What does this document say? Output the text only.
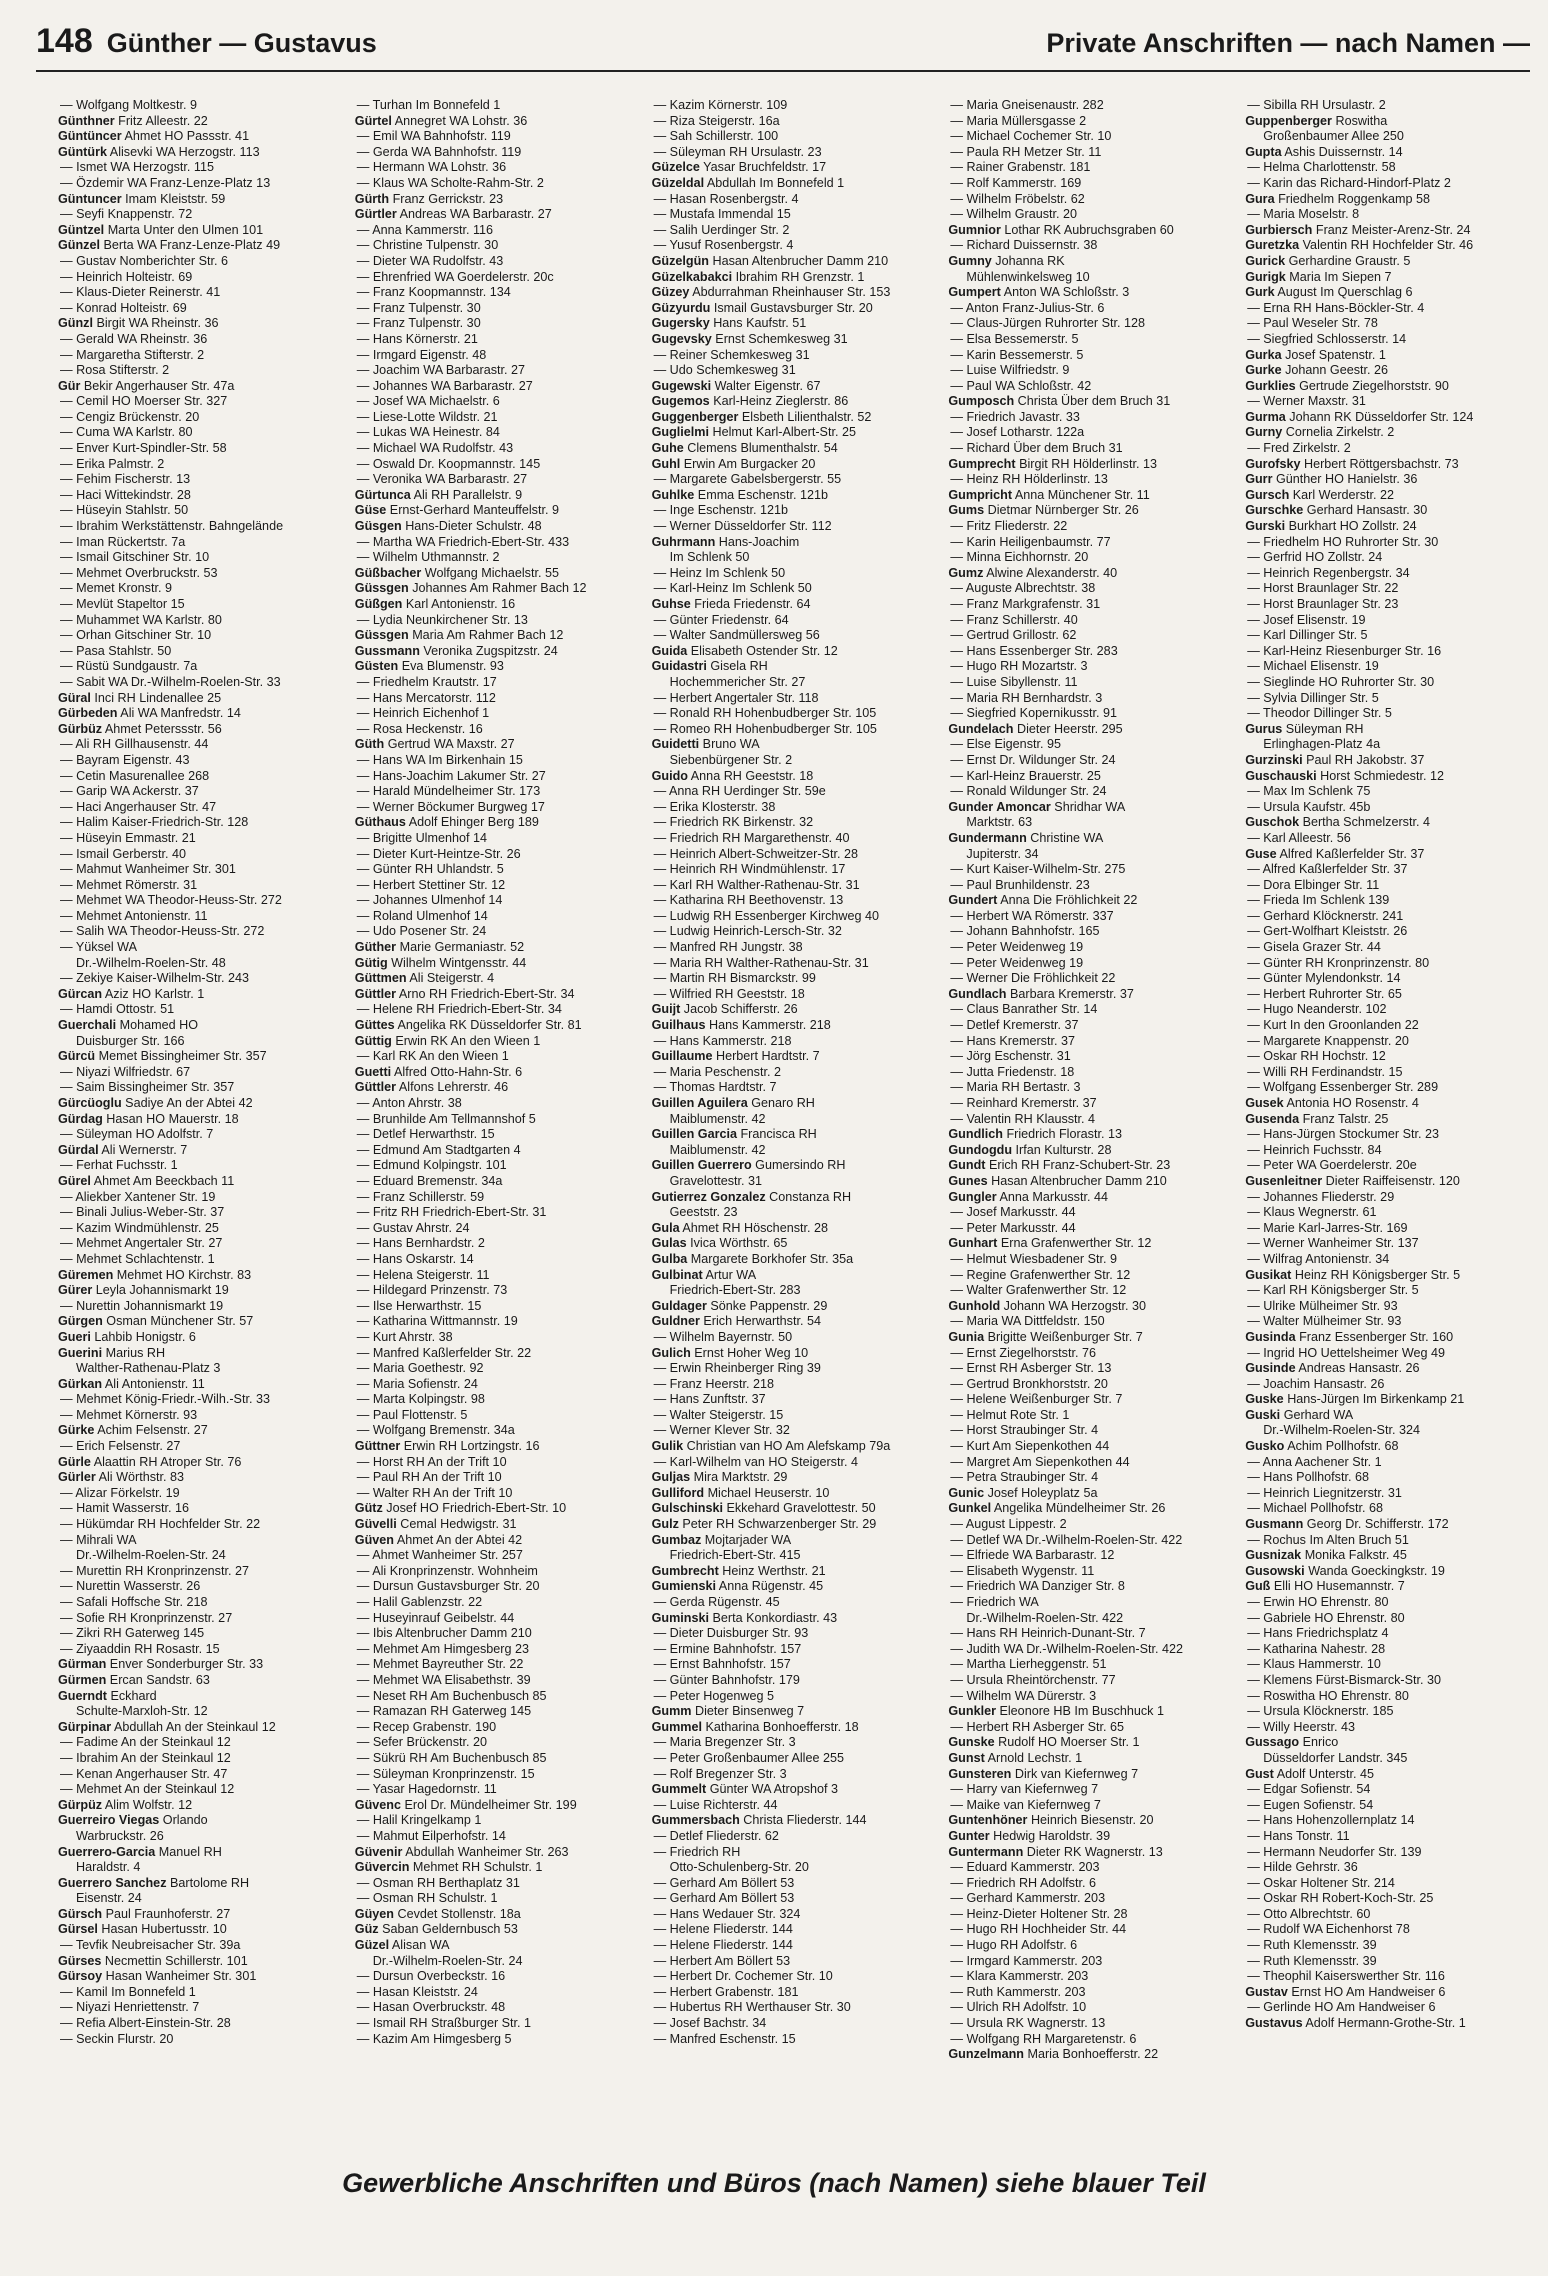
148 Günther — Gustavus	Private Anschriften — nach Namen —
— Wolfgang Moltkestr. 9
Günthner Fritz Alleestr. 22
Güntüncer Ahmet HO Passstr. 41
Güntürk Alisevki WA Herzogstr. 113
— Ismet WA Herzogstr. 115
— Özdemir WA Franz-Lenze-Platz 13
Güntuncer Imam Kleiststr. 59
— Seyfi Knappenstr. 72
Güntzel Marta Unter den Ulmen 101
Günzel Berta WA Franz-Lenze-Platz 49
— Gustav Nomberichter Str. 6
— Heinrich Holteistr. 69
— Klaus-Dieter Reinerstr. 41
— Konrad Holteistr. 69
Günzl Birgit WA Rheinstr. 36
— Gerald WA Rheinstr. 36
— Margaretha Stifterstr. 2
— Rosa Stifterstr. 2
Gür Bekir Angerhauser Str. 47a
— Cemil HO Moerser Str. 327
— Cengiz Brückenstr. 20
— Cuma WA Karlstr. 80
— Enver Kurt-Spindler-Str. 58
— Erika Palmstr. 2
— Fehim Fischerstr. 13
— Haci Wittekindstr. 28
— Hüseyin Stahlstr. 50
— Ibrahim Werkstättenstr. Bahngelände
— Iman Rückertstr. 7a
— Ismail Gitschiner Str. 10
— Mehmet Overbruckstr. 53
— Memet Kronstr. 9
— Mevlüt Stapeltor 15
— Muhammet WA Karlstr. 80
— Orhan Gitschiner Str. 10
— Pasa Stahlstr. 50
— Rüstü Sundgaustr. 7a
— Sabit WA Dr.-Wilhelm-Roelen-Str. 33
Güral Inci RH Lindenallee 25
Gürbeden Ali WA Manfredstr. 14
Gürbüz Ahmet Peterssstr. 56
— Ali RH Gillhausenstr. 44
— Bayram Eigenstr. 43
— Cetin Masurenallee 268
— Garip WA Ackerstr. 37
— Haci Angerhauser Str. 47
— Halim Kaiser-Friedrich-Str. 128
— Hüseyin Emmastr. 21
— Ismail Gerberstr. 40
— Mahmut Wanheimer Str. 301
— Mehmet Römerstr. 31
— Mehmet WA Theodor-Heuss-Str. 272
— Mehmet Antonienstr. 11
— Salih WA Theodor-Heuss-Str. 272
— Yüksel WA
Dr.-Wilhelm-Roelen-Str. 48
— Zekiye Kaiser-Wilhelm-Str. 243
Gürcan Aziz HO Karlstr. 1
— Hamdi Ottostr. 51
Guerchali Mohamed HO
Duisburger Str. 166
Gürcü Memet Bissingheimer Str. 357
— Niyazi Wilfriedstr. 67
— Saim Bissingheimer Str. 357
Gürcüoglu Sadiye An der Abtei 42
Gürdag Hasan HO Mauerstr. 18
— Süleyman HO Adolfstr. 7
Gürdal Ali Wernerstr. 7
— Ferhat Fuchsstr. 1
Gürel Ahmet Am Beeckbach 11
— Aliekber Xantener Str. 19
— Binali Julius-Weber-Str. 37
— Kazim Windmühlenstr. 25
— Mehmet Angertaler Str. 27
— Mehmet Schlachtenstr. 1
Güremen Mehmet HO Kirchstr. 83
Gürer Leyla Johannismarkt 19
— Nurettin Johannismarkt 19
Gürgen Osman Münchener Str. 57
Gueri Lahbib Honigstr. 6
Guerini Marius RH
Walther-Rathenau-Platz 3
Gürkan Ali Antonienstr. 11
— Mehmet König-Friedr.-Wilh.-Str. 33
— Mehmet Körnerstr. 93
Gürke Achim Felsenstr. 27
— Erich Felsenstr. 27
Gürle Alaattin RH Atroper Str. 76
Gürler Ali Wörthstr. 83
— Alizar Förkelstr. 19
— Hamit Wasserstr. 16
— Hükümdar RH Hochfelder Str. 22
— Mihrali WA
Dr.-Wilhelm-Roelen-Str. 24
— Murettin RH Kronprinzenstr. 27
— Nurettin Wasserstr. 26
— Safali Hoffsche Str. 218
— Sofie RH Kronprinzenstr. 27
— Zikri RH Gaterweg 145
— Ziyaaddin RH Rosastr. 15
Gürman Enver Sonderburger Str. 33
Gürmen Ercan Sandstr. 63
Guerndt Eckhard
Schulte-Marxloh-Str. 12
Gürpinar Abdullah An der Steinkaul 12
— Fadime An der Steinkaul 12
— Ibrahim An der Steinkaul 12
— Kenan Angerhauser Str. 47
— Mehmet An der Steinkaul 12
Gürpüz Alim Wolfstr. 12
Guerreiro Viegas Orlando
Warbruckstr. 26
Guerrero-Garcia Manuel RH
Haraldstr. 4
Guerrero Sanchez Bartolome RH
Eisenstr. 24
Gürsch Paul Fraunhoferstr. 27
Gürsel Hasan Hubertusstr. 10
— Tevfik Neubreisacher Str. 39a
Gürses Necmettin Schillerstr. 101
Gürsoy Hasan Wanheimer Str. 301
— Kamil Im Bonnefeld 1
— Niyazi Henriettenstr. 7
— Refia Albert-Einstein-Str. 28
— Seckin Flurstr. 20
— Turhan Im Bonnefeld 1
Gürtel Annegret WA Lohstr. 36
— Emil WA Bahnhofstr. 119
— Gerda WA Bahnhofstr. 119
— Hermann WA Lohstr. 36
— Klaus WA Scholte-Rahm-Str. 2
Gürth Franz Gerrickstr. 23
Gürtler Andreas WA Barbarastr. 27
— Anna Kammerstr. 116
— Christine Tulpenstr. 30
— Dieter WA Rudolfstr. 43
— Ehrenfried WA Goerdelerstr. 20c
— Franz Koopmannstr. 134
— Franz Tulpenstr. 30
— Franz Tulpenstr. 30
— Hans Körnerstr. 21
— Irmgard Eigenstr. 48
— Joachim WA Barbarastr. 27
— Johannes WA Barbarastr. 27
— Josef WA Michaelstr. 6
— Liese-Lotte Wildstr. 21
— Lukas WA Heinestr. 84
— Michael WA Rudolfstr. 43
— Oswald Dr. Koopmannstr. 145
— Veronika WA Barbarastr. 27
Gürtunca Ali RH Parallelstr. 9
Güse Ernst-Gerhard Manteuffelstr. 9
Güsgen Hans-Dieter Schulstr. 48
— Martha WA Friedrich-Ebert-Str. 433
— Wilhelm Uthmannstr. 2
Güßbacher Wolfgang Michaelstr. 55
Güssgen Johannes Am Rahmer Bach 12
Güßgen Karl Antonienstr. 16
— Lydia Neunkirchener Str. 13
Güssgen Maria Am Rahmer Bach 12
Gussmann Veronika Zugspitzstr. 24
Güsten Eva Blumenstr. 93
— Friedhelm Krautstr. 17
— Hans Mercatorstr. 112
— Heinrich Eichenhof 1
— Rosa Heckenstr. 16
Güth Gertrud WA Maxstr. 27
— Hans WA Im Birkenhain 15
— Hans-Joachim Lakumer Str. 27
— Harald Mündelheimer Str. 173
— Werner Böckumer Burgweg 17
Güthaus Adolf Ehinger Berg 189
— Brigitte Ulmenhof 14
— Dieter Kurt-Heintze-Str. 26
— Günter RH Uhlandstr. 5
— Herbert Stettiner Str. 12
— Johannes Ulmenhof 14
— Roland Ulmenhof 14
— Udo Posener Str. 24
Güther Marie Germaniastr. 52
Gütig Wilhelm Wintgensstr. 44
Güttmen Ali Steigerstr. 4
Güttler Arno RH Friedrich-Ebert-Str. 34
— Helene RH Friedrich-Ebert-Str. 34
Güttes Angelika RK Düsseldorfer Str. 81
Güttig Erwin RK An den Wieen 1
— Karl RK An den Wieen 1
Guetti Alfred Otto-Hahn-Str. 6
Güttler Alfons Lehrerstr. 46
— Anton Ahrstr. 38
— Brunhilde Am Tellmannshof 5
— Detlef Herwarthstr. 15
— Edmund Am Stadtgarten 4
— Edmund Kolpingstr. 101
— Eduard Bremenstr. 34a
— Franz Schillerstr. 59
— Fritz RH Friedrich-Ebert-Str. 31
— Gustav Ahrstr. 24
— Hans Bernhardstr. 2
— Hans Oskarstr. 14
— Helena Steigerstr. 11
— Hildegard Prinzenstr. 73
— Ilse Herwarthstr. 15
— Katharina Wittmannstr. 19
— Kurt Ahrstr. 38
— Manfred Kaßlerfelder Str. 22
— Maria Goethestr. 92
— Maria Sofienstr. 24
— Marta Kolpingstr. 98
— Paul Flottenstr. 5
— Wolfgang Bremenstr. 34a
Güttner Erwin RH Lortzingstr. 16
— Horst RH An der Trift 10
— Paul RH An der Trift 10
— Walter RH An der Trift 10
Gütz Josef HO Friedrich-Ebert-Str. 10
Güvelli Cemal Hedwigstr. 31
Güven Ahmet An der Abtei 42
— Ahmet Wanheimer Str. 257
— Ali Kronprinzenstr. Wohnheim
— Dursun Gustavsburger Str. 20
— Halil Gablenzstr. 22
— Huseyinrauf Geibelstr. 44
— Ibis Altenbrucher Damm 210
— Mehmet Am Himgesberg 23
— Mehmet Bayreuther Str. 22
— Mehmet WA Elisabethstr. 39
— Neset RH Am Buchenbusch 85
— Ramazan RH Gaterweg 145
— Recep Grabenstr. 190
— Sefer Brückenstr. 20
— Sükrü RH Am Buchenbusch 85
— Süleyman Kronprinzenstr. 15
— Yasar Hagedornstr. 11
Güvenc Erol Dr. Mündelheimer Str. 199
— Halil Kringelkamp 1
— Mahmut Eilperhofstr. 14
Güvenir Abdullah Wanheimer Str. 263
Güvercin Mehmet RH Schulstr. 1
— Osman RH Berthaplatz 31
— Osman RH Schulstr. 1
Güyen Cevdet Stollenstr. 18a
Güz Saban Geldernbusch 53
Güzel Alisan WA
Dr.-Wilhelm-Roelen-Str. 24
— Dursun Overbeckstr. 16
— Hasan Kleiststr. 24
— Hasan Overbruckstr. 48
— Ismail RH Straßburger Str. 1
— Kazim Am Himgesberg 5
— Kazim Körnerstr. 109
— Riza Steigerstr. 16a
— Sah Schillerstr. 100
— Süleyman RH Ursulastr. 23
Güzelce Yasar Bruchfeldstr. 17
Güzeldal Abdullah Im Bonnefeld 1
— Hasan Rosenbergstr. 4
— Mustafa Immendal 15
— Salih Uerdinger Str. 2
— Yusuf Rosenbergstr. 4
Güzelgün Hasan Altenbrucher Damm 210
Güzelkabakci Ibrahim RH Grenzstr. 1
Güzey Abdurrahman Rheinhauser Str. 153
Güzyurdu Ismail Gustavsburger Str. 20
Gugersky Hans Kaufstr. 51
Gugevsky Ernst Schemkesweg 31
— Reiner Schemkesweg 31
— Udo Schemkesweg 31
Gugewski Walter Eigenstr. 67
Gugemos Karl-Heinz Zieglerstr. 86
Guggenberger Elsbeth Lilienthalstr. 52
Guglielmi Helmut Karl-Albert-Str. 25
Guhe Clemens Blumenthalstr. 54
Guhl Erwin Am Burgacker 20
— Margarete Gabelsbergerstr. 55
Guhlke Emma Eschenstr. 121b
— Inge Eschenstr. 121b
— Werner Düsseldorfer Str. 112
Guhrmann Hans-Joachim
Im Schlenk 50
— Heinz Im Schlenk 50
— Karl-Heinz Im Schlenk 50
Guhse Frieda Friedenstr. 64
— Günter Friedenstr. 64
— Walter Sandmüllersweg 56
Guida Elisabeth Ostender Str. 12
Guidastri Gisela RH
Hochemmericher Str. 27
— Herbert Angertaler Str. 118
— Ronald RH Hohenbudberger Str. 105
— Romeo RH Hohenbudberger Str. 105
Guidetti Bruno WA
Siebenbürgener Str. 2
Guido Anna RH Geeststr. 18
— Anna RH Uerdinger Str. 59e
— Erika Klosterstr. 38
— Friedrich RK Birkenstr. 32
— Friedrich RH Margarethenstr. 40
— Heinrich Albert-Schweitzer-Str. 28
— Heinrich RH Windmühlenstr. 17
— Karl RH Walther-Rathenau-Str. 31
— Katharina RH Beethovenstr. 13
— Ludwig RH Essenberger Kirchweg 40
— Ludwig Heinrich-Lersch-Str. 32
— Manfred RH Jungstr. 38
— Maria RH Walther-Rathenau-Str. 31
— Martin RH Bismarckstr. 99
— Wilfried RH Geeststr. 18
Guijt Jacob Schifferstr. 26
Guilhaus Hans Kammerstr. 218
— Hans Kammerstr. 218
Guillaume Herbert Hardtstr. 7
— Maria Peschenstr. 2
— Thomas Hardtstr. 7
Guillen Aguilera Genaro RH
Maiblumenstr. 42
Guillen Garcia Francisca RH
Maiblumenstr. 42
Guillen Guerrero Gumersindo RH
Gravelottestr. 31
Gutierrez Gonzalez Constanza RH
Geeststr. 23
Gula Ahmet RH Höschenstr. 28
Gulas Ivica Wörthstr. 65
Gulba Margarete Borkhofer Str. 35a
Gulbinat Artur WA
Friedrich-Ebert-Str. 283
Guldager Sönke Pappenstr. 29
Guldner Erich Herwarthstr. 54
— Wilhelm Bayernstr. 50
Gulich Ernst Hoher Weg 10
— Erwin Rheinberger Ring 39
— Franz Heerstr. 218
— Hans Zunftstr. 37
— Walter Steigerstr. 15
— Werner Klever Str. 32
Gulik Christian van HO Am Alefskamp 79a
— Karl-Wilhelm van HO Steigerstr. 4
Guljas Mira Marktstr. 29
Gulliford Michael Heuserstr. 10
Gulschinski Ekkehard Gravelottestr. 50
Gulz Peter RH Schwarzenberger Str. 29
Gumbaz Mojtarjader WA
Friedrich-Ebert-Str. 415
Gumbrecht Heinz Werthstr. 21
Gumienski Anna Rügenstr. 45
— Gerda Rügenstr. 45
Guminski Berta Konkordiastr. 43
— Dieter Duisburger Str. 93
— Ermine Bahnhofstr. 157
— Ernst Bahnhofstr. 157
— Günter Bahnhofstr. 179
— Peter Hogenweg 5
Gumm Dieter Binsenweg 7
Gummel Katharina Bonhoefferstr. 18
— Maria Bregenzer Str. 3
— Peter Großenbaumer Allee 255
— Rolf Bregenzer Str. 3
Gummelt Günter WA Atropshof 3
— Luise Richterstr. 44
Gummersbach Christa Fliederstr. 144
— Detlef Fliederstr. 62
— Friedrich RH
Otto-Schulenberg-Str. 20
— Gerhard Am Böllert 53
— Gerhard Am Böllert 53
— Hans Wedauer Str. 324
— Helene Fliederstr. 144
— Helene Fliederstr. 144
— Herbert Am Böllert 53
— Herbert Dr. Cochemer Str. 10
— Herbert Grabenstr. 181
— Hubertus RH Werthauser Str. 30
— Josef Bachstr. 34
— Manfred Eschenstr. 15
— Maria Gneisenaustr. 282
— Maria Müllersgasse 2
— Michael Cochemer Str. 10
— Paula RH Metzer Str. 11
— Rainer Grabenstr. 181
— Rolf Kammerstr. 169
— Wilhelm Fröbelstr. 62
— Wilhelm Graustr. 20
Gumnior Lothar RK Aubruchsgraben 60
— Richard Duissernstr. 38
Gumny Johanna RK
Mühlenwinkelsweg 10
Gumpert Anton WA Schloßstr. 3
— Anton Franz-Julius-Str. 6
— Claus-Jürgen Ruhrorter Str. 128
— Elsa Bessemerstr. 5
— Karin Bessemerstr. 5
— Luise Wilfriedstr. 9
— Paul WA Schloßstr. 42
Gumposch Christa Über dem Bruch 31
— Friedrich Javastr. 33
— Josef Lotharstr. 122a
— Richard Über dem Bruch 31
Gumprecht Birgit RH Hölderlinstr. 13
— Heinz RH Hölderlinstr. 13
Gumpricht Anna Münchener Str. 11
Gums Dietmar Nürnberger Str. 26
— Fritz Fliederstr. 22
— Karin Heiligenbaumstr. 77
— Minna Eichhornstr. 20
Gumz Alwine Alexanderstr. 40
— Auguste Albrechtstr. 38
— Franz Markgrafenstr. 31
— Franz Schillerstr. 40
— Gertrud Grillostr. 62
— Hans Essenberger Str. 283
— Hugo RH Mozartstr. 3
— Luise Sibyllenstr. 11
— Maria RH Bernhardstr. 3
— Siegfried Kopernikusstr. 91
Gundelach Dieter Heerstr. 295
— Else Eigenstr. 95
— Ernst Dr. Wildunger Str. 24
— Karl-Heinz Brauerstr. 25
— Ronald Wildunger Str. 24
Gunder Amoncar Shridhar WA
Marktstr. 63
Gundermann Christine WA
Jupiterstr. 34
— Kurt Kaiser-Wilhelm-Str. 275
— Paul Brunhildenstr. 23
Gundert Anna Die Fröhlichkeit 22
— Herbert WA Römerstr. 337
— Johann Bahnhofstr. 165
— Peter Weidenweg 19
— Peter Weidenweg 19
— Werner Die Fröhlichkeit 22
Gundlach Barbara Kremerstr. 37
— Claus Banrather Str. 14
— Detlef Kremerstr. 37
— Hans Kremerstr. 37
— Jörg Eschenstr. 31
— Jutta Friedenstr. 18
— Maria RH Bertastr. 3
— Reinhard Kremerstr. 37
— Valentin RH Klausstr. 4
Gundlich Friedrich Florastr. 13
Gundogdu Irfan Kulturstr. 28
Gundt Erich RH Franz-Schubert-Str. 23
Gunes Hasan Altenbrucher Damm 210
Gungler Anna Markusstr. 44
— Josef Markusstr. 44
— Peter Markusstr. 44
Gunhart Erna Grafenwerther Str. 12
— Helmut Wiesbadener Str. 9
— Regine Grafenwerther Str. 12
— Walter Grafenwerther Str. 12
Gunhold Johann WA Herzogstr. 30
— Maria WA Dittfeldstr. 150
Gunia Brigitte Weißenburger Str. 7
— Ernst Ziegelhorststr. 76
— Ernst RH Asberger Str. 13
— Gertrud Bronkhorststr. 20
— Helene Weißenburger Str. 7
— Helmut Rote Str. 1
— Horst Straubinger Str. 4
— Kurt Am Siepenkothen 44
— Margret Am Siepenkothen 44
— Petra Straubinger Str. 4
Gunic Josef Holeyplatz 5a
Gunkel Angelika Mündelheimer Str. 26
— August Lippestr. 2
— Detlef WA Dr.-Wilhelm-Roelen-Str. 422
— Elfriede WA Barbarastr. 12
— Elisabeth Wygenstr. 11
— Friedrich WA Danziger Str. 8
— Friedrich WA
Dr.-Wilhelm-Roelen-Str. 422
— Hans RH Heinrich-Dunant-Str. 7
— Judith WA Dr.-Wilhelm-Roelen-Str. 422
— Martha Lierheggenstr. 51
— Ursula Rheintörchenstr. 77
— Wilhelm WA Dürerstr. 3
Gunkler Eleonore HB Im Buschhuck 1
— Herbert RH Asberger Str. 65
Gunske Rudolf HO Moerser Str. 1
Gunst Arnold Lechstr. 1
Gunsteren Dirk van Kiefernweg 7
— Harry van Kiefernweg 7
— Maike van Kiefernweg 7
Guntenhöner Heinrich Biesenstr. 20
Gunter Hedwig Haroldstr. 39
Guntermann Dieter RK Wagnerstr. 13
— Eduard Kammerstr. 203
— Friedrich RH Adolfstr. 6
— Gerhard Kammerstr. 203
— Heinz-Dieter Holtener Str. 28
— Hugo RH Hochheider Str. 44
— Hugo RH Adolfstr. 6
— Irmgard Kammerstr. 203
— Klara Kammerstr. 203
— Ruth Kammerstr. 203
— Ulrich RH Adolfstr. 10
— Ursula RK Wagnerstr. 13
— Wolfgang RH Margaretenstr. 6
Gunzelmann Maria Bonhoefferstr. 22
— Sibilla RH Ursulastr. 2
Guppenberger Roswitha
Großenbaumer Allee 250
Gupta Ashis Duissernstr. 14
— Helma Charlottenstr. 58
— Karin das Richard-Hindorf-Platz 2
Gura Friedhelm Roggenkamp 58
— Maria Moselstr. 8
Gurbiersch Franz Meister-Arenz-Str. 24
Guretzka Valentin RH Hochfelder Str. 46
Gurick Gerhardine Graustr. 5
Gurigk Maria Im Siepen 7
Gurk August Im Querschlag 6
— Erna RH Hans-Böckler-Str. 4
— Paul Weseler Str. 78
— Siegfried Schlosserstr. 14
Gurka Josef Spatenstr. 1
Gurke Johann Geestr. 26
Gurklies Gertrude Ziegelhorststr. 90
— Werner Maxstr. 31
Gurma Johann RK Düsseldorfer Str. 124
Gurny Cornelia Zirkelstr. 2
— Fred Zirkelstr. 2
Gurofsky Herbert Röttgersbachstr. 73
Gurr Günther HO Hanielstr. 36
Gursch Karl Werderstr. 22
Gurschke Gerhard Hansastr. 30
Gurski Burkhart HO Zollstr. 24
— Friedhelm HO Ruhrorter Str. 30
— Gerfrid HO Zollstr. 24
— Heinrich Regenbergstr. 34
— Horst Braunlager Str. 22
— Horst Braunlager Str. 23
— Josef Elisenstr. 19
— Karl Dillinger Str. 5
— Karl-Heinz Riesenburger Str. 16
— Michael Elisenstr. 19
— Sieglinde HO Ruhrorter Str. 30
— Sylvia Dillinger Str. 5
— Theodor Dillinger Str. 5
Gurus Süleyman RH
Erlinghagen-Platz 4a
Gurzinski Paul RH Jakobstr. 37
Guschauski Horst Schmiedestr. 12
— Max Im Schlenk 75
— Ursula Kaufstr. 45b
Guschok Bertha Schmelzerstr. 4
— Karl Alleestr. 56
Guse Alfred Kaßlerfelder Str. 37
— Alfred Kaßlerfelder Str. 37
— Dora Elbinger Str. 11
— Frieda Im Schlenk 139
— Gerhard Klöcknerstr. 241
— Gert-Wolfhart Kleiststr. 26
— Gisela Grazer Str. 44
— Günter RH Kronprinzenstr. 80
— Günter Mylendonkstr. 14
— Herbert Ruhrorter Str. 65
— Hugo Neanderstr. 102
— Kurt In den Groonlanden 22
— Margarete Knappenstr. 20
— Oskar RH Hochstr. 12
— Willi RH Ferdinandstr. 15
— Wolfgang Essenberger Str. 289
Gusek Antonia HO Rosenstr. 4
Gusenda Franz Talstr. 25
— Hans-Jürgen Stockumer Str. 23
— Heinrich Fuchsstr. 84
— Peter WA Goerdelerstr. 20e
Gusenleitner Dieter Raiffeisenstr. 120
— Johannes Fliederstr. 29
— Klaus Wegnerstr. 61
— Marie Karl-Jarres-Str. 169
— Werner Wanheimer Str. 137
— Wilfrag Antonienstr. 34
Gusikat Heinz RH Königsberger Str. 5
— Karl RH Königsberger Str. 5
— Ulrike Mülheimer Str. 93
— Walter Mülheimer Str. 93
Gusinda Franz Essenberger Str. 160
— Ingrid HO Uettelsheimer Weg 49
Gusinde Andreas Hansastr. 26
— Joachim Hansastr. 26
Guske Hans-Jürgen Im Birkenkamp 21
Guski Gerhard WA
Dr.-Wilhelm-Roelen-Str. 324
Gusko Achim Pollhofstr. 68
— Anna Aachener Str. 1
— Hans Pollhofstr. 68
— Heinrich Liegnitzerstr. 31
— Michael Pollhofstr. 68
Gusmann Georg Dr. Schifferstr. 172
— Rochus Im Alten Bruch 51
Gusnizak Monika Falkstr. 45
Gusowski Wanda Goeckingkstr. 19
Guß Elli HO Husemannstr. 7
— Erwin HO Ehrenstr. 80
— Gabriele HO Ehrenstr. 80
— Hans Friedrichsplatz 4
— Katharina Nahestr. 28
— Klaus Hammerstr. 10
— Klemens Fürst-Bismarck-Str. 30
— Roswitha HO Ehrenstr. 80
— Ursula Klöcknerstr. 185
— Willy Heerstr. 43
Gussago Enrico
Düsseldorfer Landstr. 345
Gust Adolf Unterstr. 45
— Edgar Sofienstr. 54
— Eugen Sofienstr. 54
— Hans Hohenzollernplatz 14
— Hans Tonstr. 11
— Hermann Neudorfer Str. 139
— Hilde Gehrstr. 36
— Oskar Holtener Str. 214
— Oskar RH Robert-Koch-Str. 25
— Otto Albrechtstr. 60
— Rudolf WA Eichenhorst 78
— Ruth Klemensstr. 39
— Ruth Klemensstr. 39
— Theophil Kaiserswerther Str. 116
Gustav Ernst HO Am Handweiser 6
— Gerlinde HO Am Handweiser 6
Gustavus Adolf Hermann-Grothe-Str. 1
Gewerbliche Anschriften und Büros (nach Namen) siehe blauer Teil
